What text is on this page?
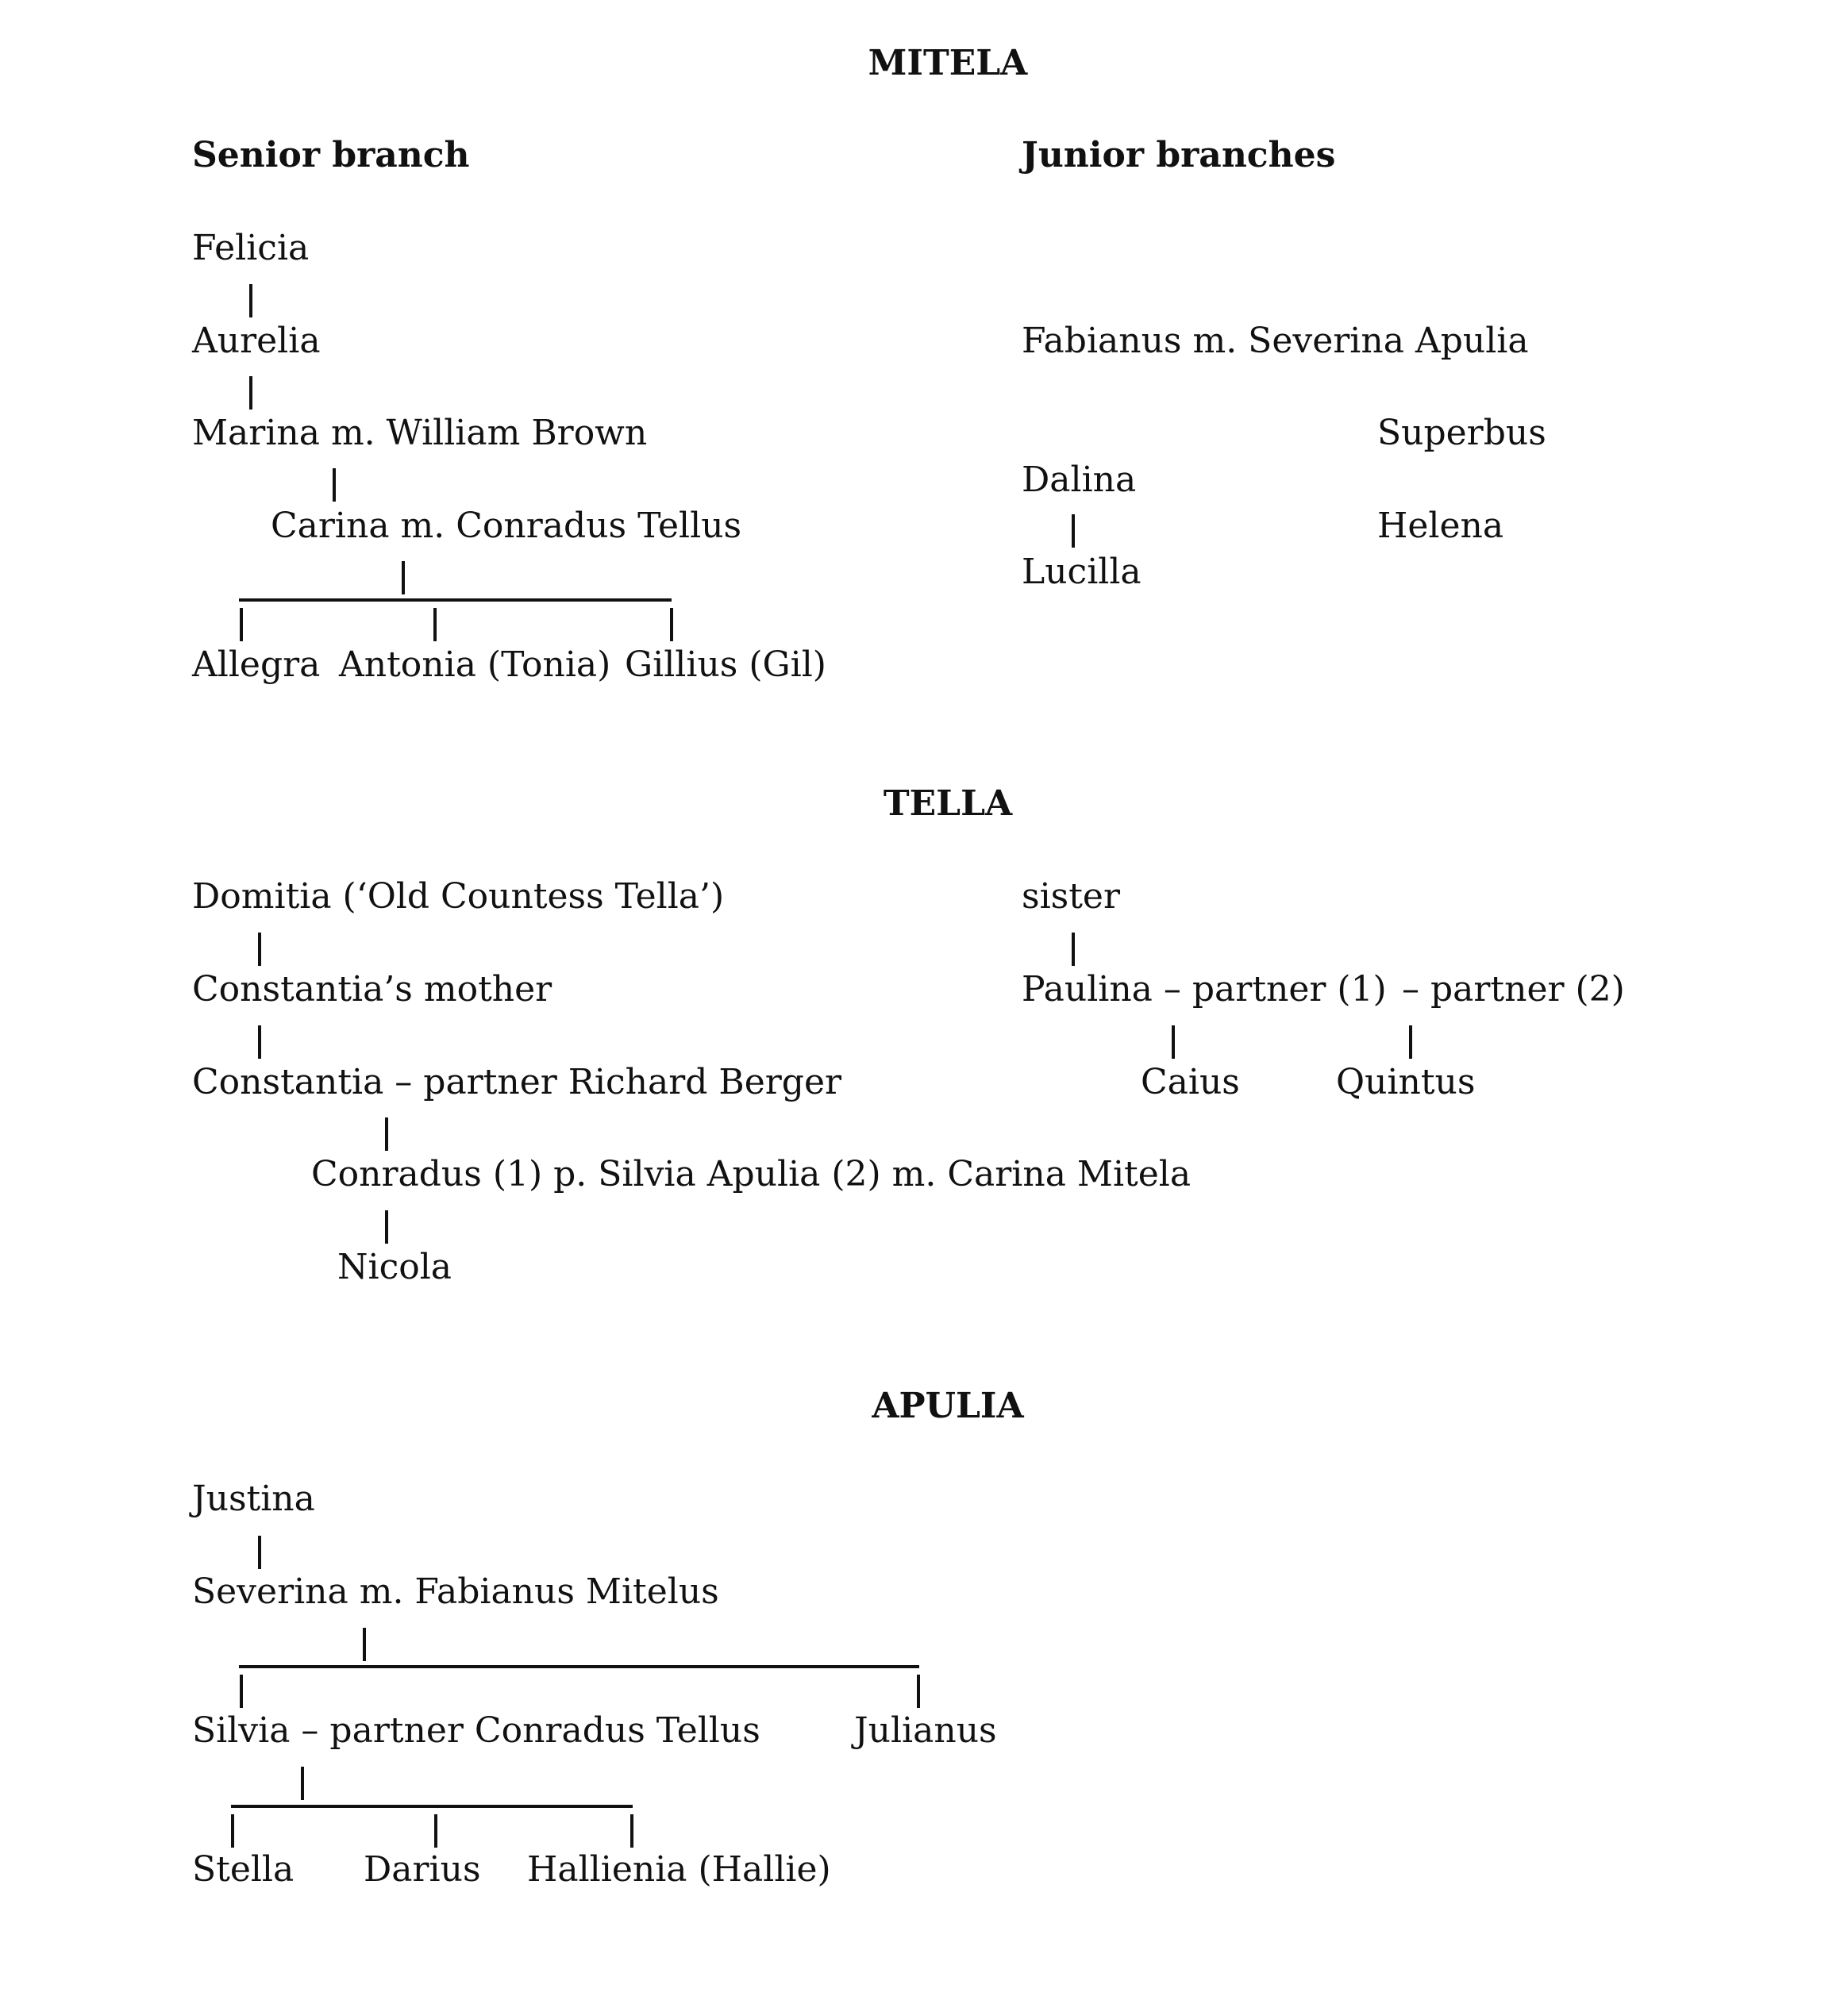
MITELA
Senior branch
Felicia
Aurelia
Marina m. William Brown
Carina m. Conradus Tellus
Allegra Antonia (Tonia) Gillius (Gil)
Junior branches
Fabianus m. Severina Apulia
Superbus
Dalina
Helena
Lucilla
TELLA
Domitia (‘Old Countess Tella’)
Constantia’s mother
Constantia – partner Richard Berger
Conradus (1) p. Silvia Apulia (2) m. Carina Mitela
Nicola
sister
Paulina – partner (1) – partner (2)
Caius	Quintus
APULIA
Justina
Severina m. Fabianus Mitelus
Silvia – partner Conradus Tellus	Julianus
Stella Darius Hallienia (Hallie)
